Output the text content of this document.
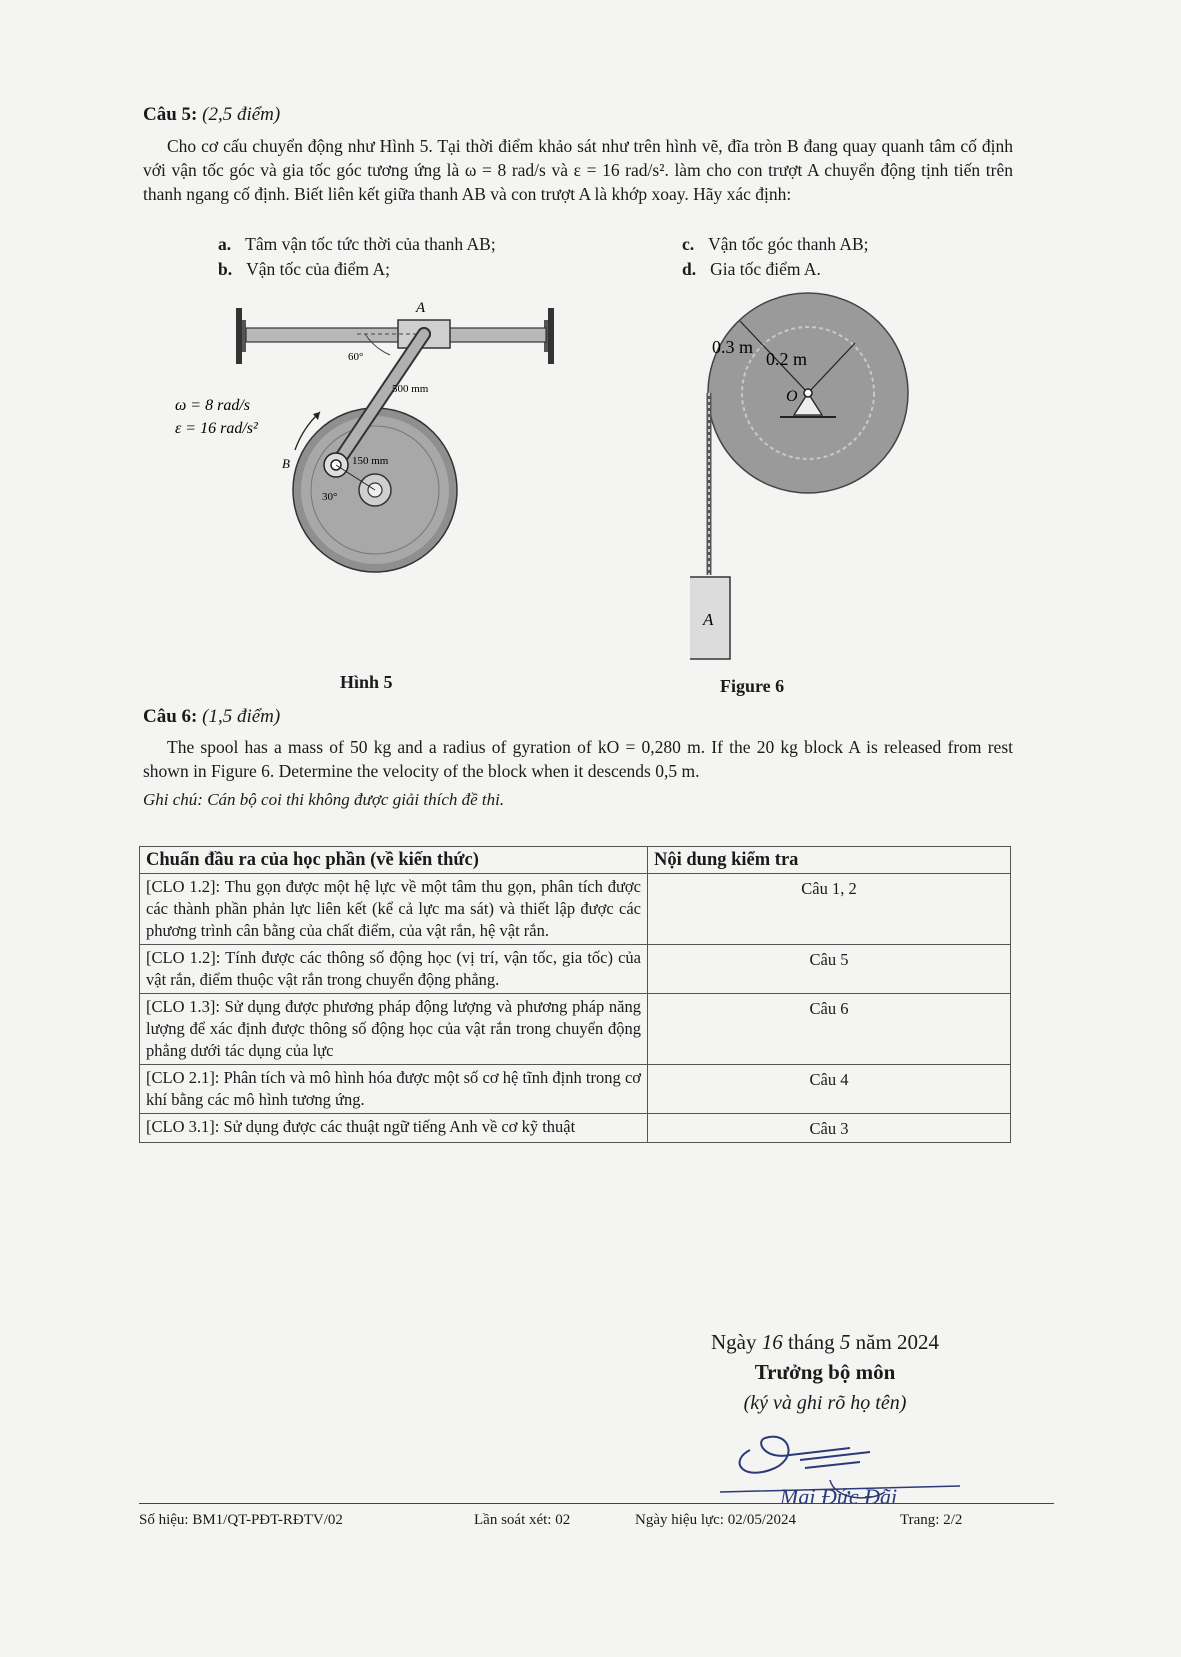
Câu 5: (2,5 điểm)
Cho cơ cấu chuyển động như Hình 5. Tại thời điểm khảo sát như trên hình vẽ, đĩa tròn B đang quay quanh tâm cố định với vận tốc góc và gia tốc góc tương ứng là ω = 8 rad/s và ε = 16 rad/s². làm cho con trượt A chuyển động tịnh tiến trên thanh ngang cố định. Biết liên kết giữa thanh AB và con trượt A là khớp xoay. Hãy xác định:
a. Tâm vận tốc tức thời của thanh AB;
b. Vận tốc của điểm A;
c. Vận tốc góc thanh AB;
d. Gia tốc điểm A.
A
60°
500 mm
ω = 8 rad/s
ε = 16 rad/s²
B	150 mm
30°
Hình 5
0.3 m
0.2 m
O
A
Figure 6
Câu 6: (1,5 điểm)
The spool has a mass of 50 kg and a radius of gyration of kO = 0,280 m. If the 20 kg block A is released from rest shown in Figure 6. Determine the velocity of the block when it descends 0,5 m.
Ghi chú: Cán bộ coi thi không được giải thích đề thi.
Chuẩn đầu ra của học phần (về kiến thức)	Nội dung kiểm tra
[CLO 1.2]: Thu gọn được một hệ lực về một tâm thu gọn, phân tích được các thành phần phản lực liên kết (kể cả lực ma sát) và thiết lập được các phương trình cân bằng của chất điểm, của vật rắn, hệ vật rắn.	Câu 1, 2
[CLO 1.2]: Tính được các thông số động học (vị trí, vận tốc, gia tốc) của vật rắn, điểm thuộc vật rắn trong chuyển động phẳng.	Câu 5
[CLO 1.3]: Sử dụng được phương pháp động lượng và phương pháp năng lượng để xác định được thông số động học của vật rắn trong chuyển động phẳng dưới tác dụng của lực	Câu 6
[CLO 2.1]: Phân tích và mô hình hóa được một số cơ hệ tĩnh định trong cơ khí bằng các mô hình tương ứng.	Câu 4
[CLO 3.1]: Sử dụng được các thuật ngữ tiếng Anh về cơ kỹ thuật	Câu 3
Ngày 16 tháng 5 năm 2024
Trưởng bộ môn
(ký và ghi rõ họ tên)
Mai Đức Đãi
Số hiệu: BM1/QT-PĐT-RĐTV/02	Lần soát xét: 02	Ngày hiệu lực: 02/05/2024	Trang: 2/2
